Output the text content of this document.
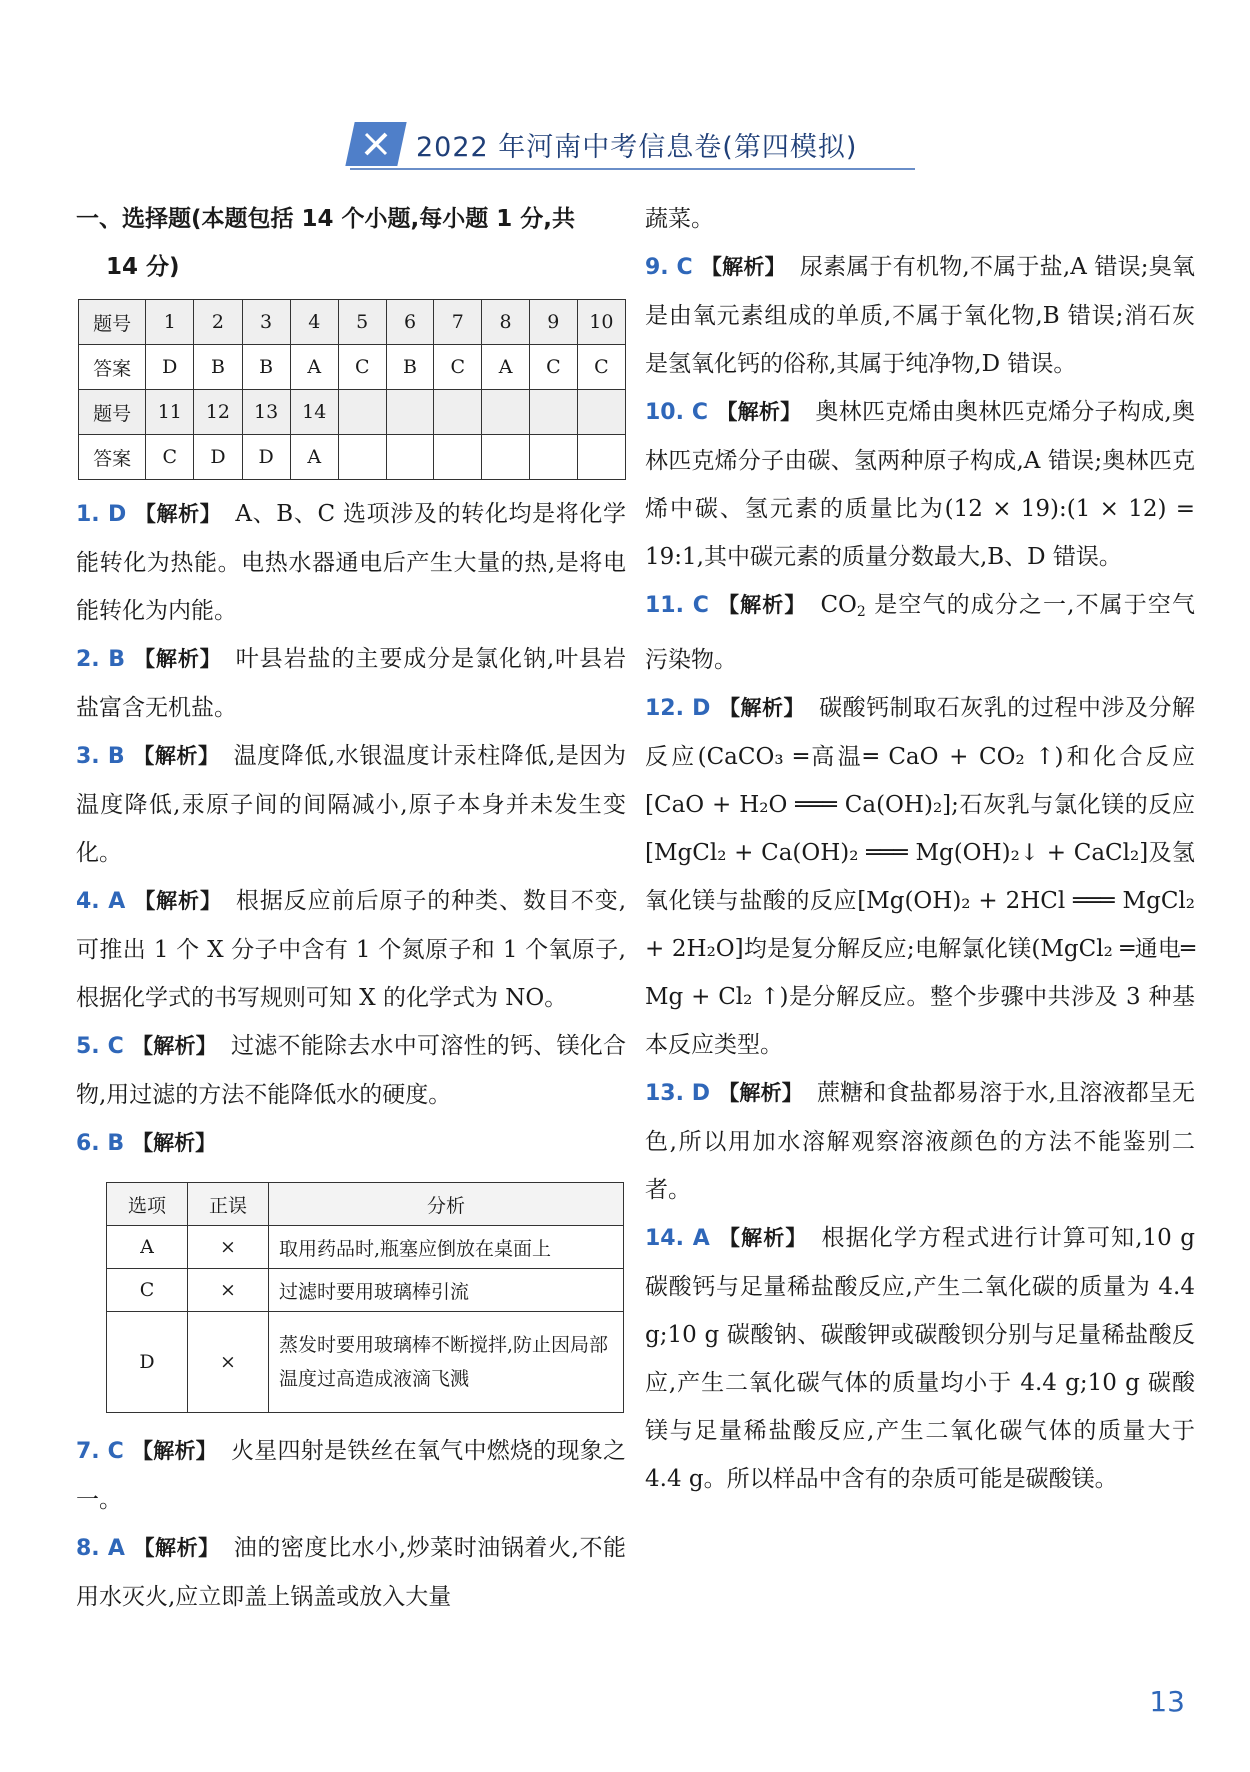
2022 年河南中考信息卷(第四模拟)
一、选择题(本题包括 14 个小题,每小题 1 分,共
14 分)
题号	1	2	3	4	5	6	7	8	9	10
答案	D	B	B	A	C	B	C	A	C	C
题号	11	12	13	14						
答案	C	D	D	A						
1. D 【解析】 A、B、C 选项涉及的转化均是将化学能转化为热能。电热水器通电后产生大量的热,是将电能转化为内能。
2. B 【解析】 叶县岩盐的主要成分是氯化钠,叶县岩盐富含无机盐。
3. B 【解析】 温度降低,水银温度计汞柱降低,是因为温度降低,汞原子间的间隔减小,原子本身并未发生变化。
4. A 【解析】 根据反应前后原子的种类、数目不变,可推出 1 个 X 分子中含有 1 个氮原子和 1 个氧原子,根据化学式的书写规则可知 X 的化学式为 NO。
5. C 【解析】 过滤不能除去水中可溶性的钙、镁化合物,用过滤的方法不能降低水的硬度。
6. B 【解析】
选项	正误	分析
A	×	取用药品时,瓶塞应倒放在桌面上
C	×	过滤时要用玻璃棒引流
D	×	蒸发时要用玻璃棒不断搅拌,防止因局部温度过高造成液滴飞溅
7. C 【解析】 火星四射是铁丝在氧气中燃烧的现象之一。
8. A 【解析】 油的密度比水小,炒菜时油锅着火,不能用水灭火,应立即盖上锅盖或放入大量
蔬菜。
9. C 【解析】 尿素属于有机物,不属于盐,A 错误;臭氧是由氧元素组成的单质,不属于氧化物,B 错误;消石灰是氢氧化钙的俗称,其属于纯净物,D 错误。
10. C 【解析】 奥林匹克烯由奥林匹克烯分子构成,奥林匹克烯分子由碳、氢两种原子构成,A 错误;奥林匹克烯中碳、氢元素的质量比为(12 × 19):(1 × 12) = 19:1,其中碳元素的质量分数最大,B、D 错误。
11. C 【解析】 $CO_2$ 是空气的成分之一,不属于空气污染物。
12. D 【解析】 碳酸钙制取石灰乳的过程中涉及分解反应(CaCO₃ ═高温═ CaO + CO₂ ↑)和化合反应[CaO + H₂O ═══ Ca(OH)₂];石灰乳与氯化镁的反应[MgCl₂ + Ca(OH)₂ ═══ Mg(OH)₂↓ + CaCl₂]及氢氧化镁与盐酸的反应[Mg(OH)₂ + 2HCl ═══ MgCl₂ + 2H₂O]均是复分解反应;电解氯化镁(MgCl₂ ═通电═ Mg + Cl₂ ↑)是分解反应。整个步骤中共涉及 3 种基本反应类型。
13. D 【解析】 蔗糖和食盐都易溶于水,且溶液都呈无色,所以用加水溶解观察溶液颜色的方法不能鉴别二者。
14. A 【解析】 根据化学方程式进行计算可知,10 g 碳酸钙与足量稀盐酸反应,产生二氧化碳的质量为 4.4 g;10 g 碳酸钠、碳酸钾或碳酸钡分别与足量稀盐酸反应,产生二氧化碳气体的质量均小于 4.4 g;10 g 碳酸镁与足量稀盐酸反应,产生二氧化碳气体的质量大于 4.4 g。所以样品中含有的杂质可能是碳酸镁。
13
